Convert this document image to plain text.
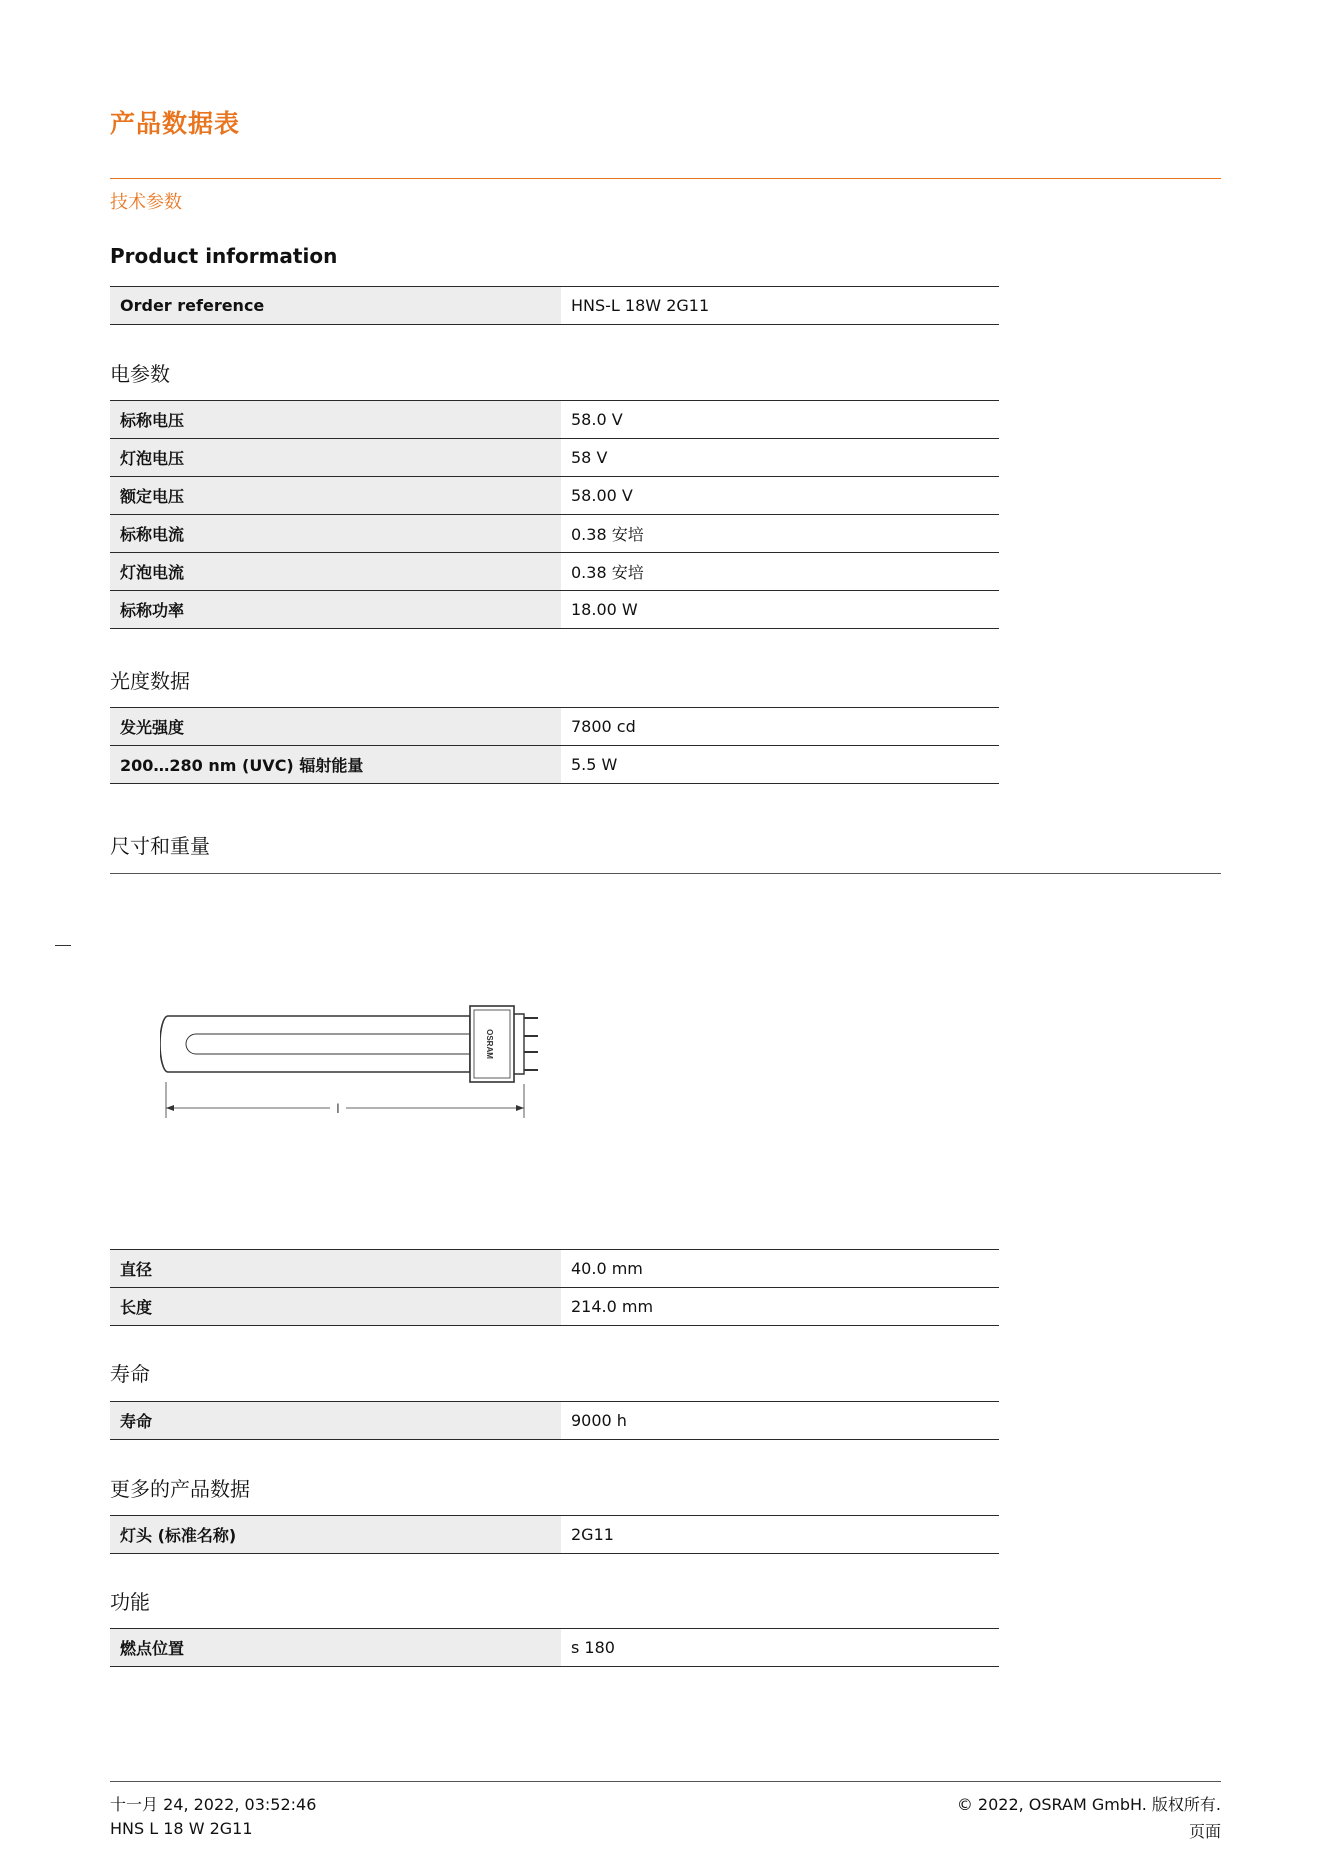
产品数据表
技术参数
Product information
Order reference	HNS-L 18W 2G11
电参数
标称电压	58.0 V
灯泡电压	58 V
额定电压	58.00 V
标称电流	0.38 安培
灯泡电流	0.38 安培
标称功率	18.00 W
光度数据
发光强度	7800 cd
200…280 nm (UVC) 辐射能量	5.5 W
尺寸和重量
OSRAM
l
直径	40.0 mm
长度	214.0 mm
寿命
寿命	9000 h
更多的产品数据
灯头 (标准名称)	2G11
功能
燃点位置	s 180
十一月 24, 2022, 03:52:46
HNS L 18 W 2G11
© 2022, OSRAM GmbH. 版权所有.
页面
